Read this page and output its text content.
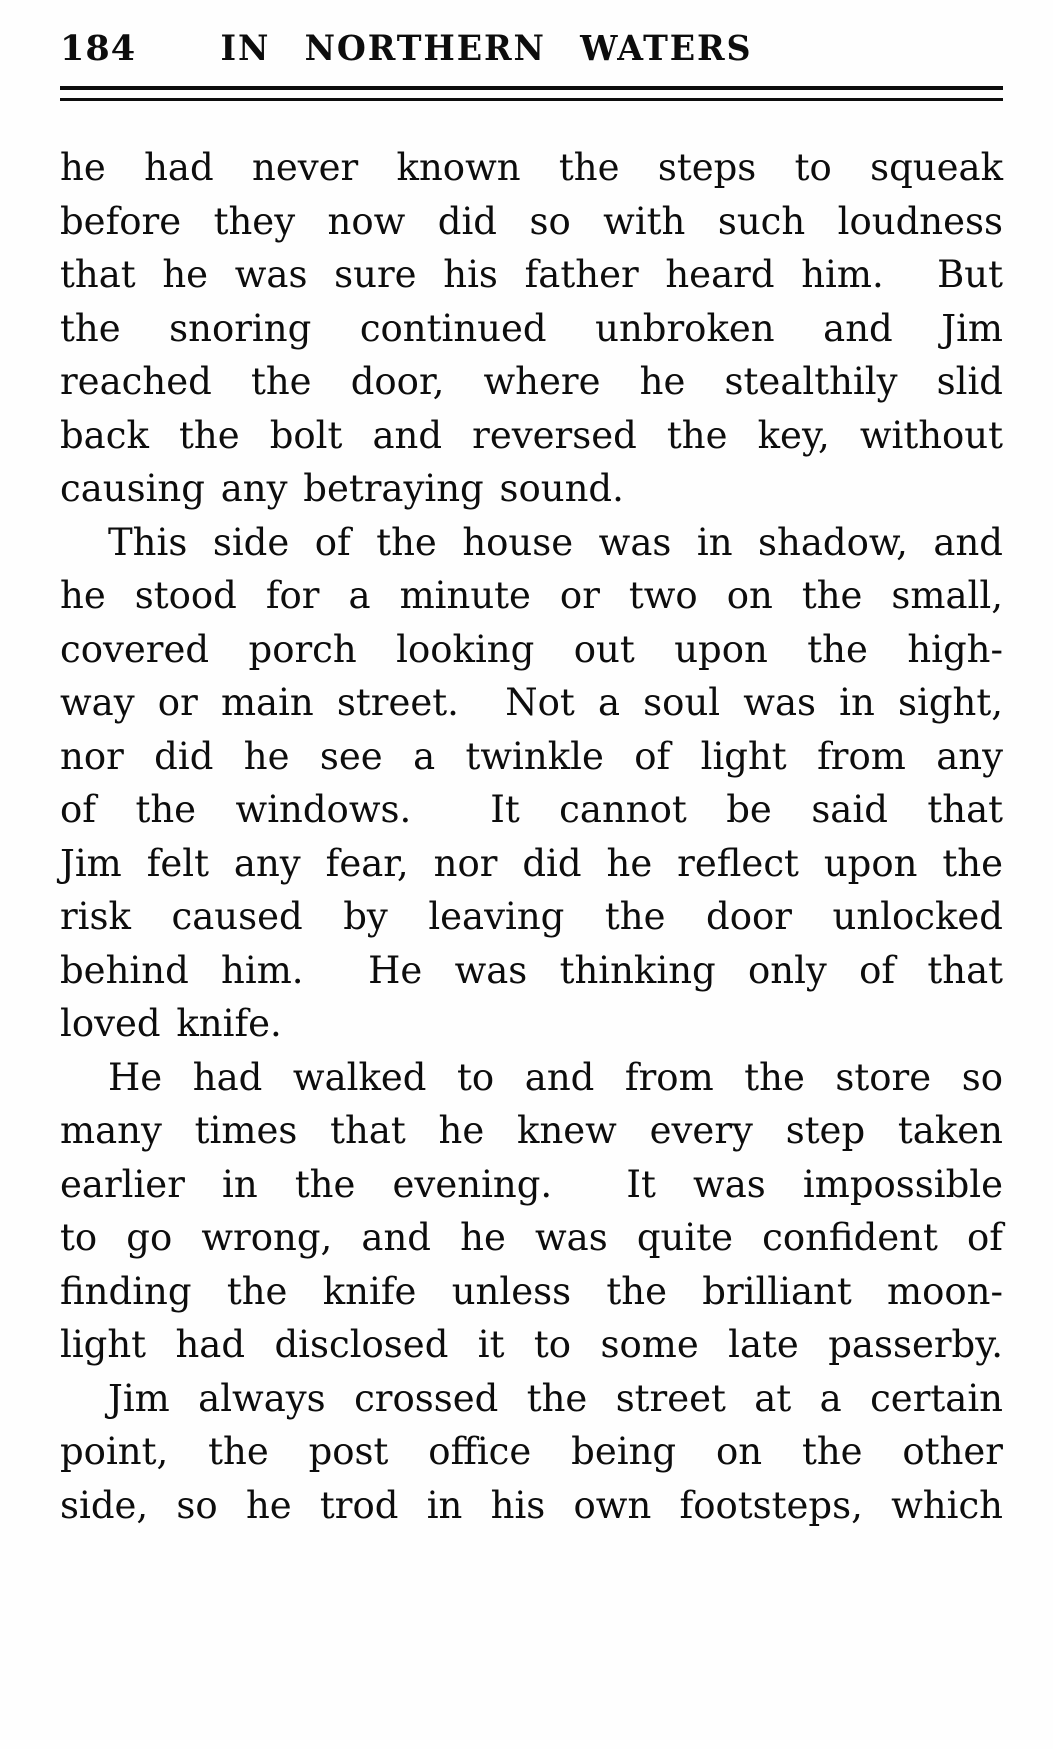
184	IN NORTHERN WATERS
he had never known the steps to squeak
before they now did so with such loudness
that he was sure his father heard him.  But
the snoring continued unbroken and Jim
reached the door, where he stealthily slid
back the bolt and reversed the key, without
causing any betraying sound.
This side of the house was in shadow, and
he stood for a minute or two on the small,
covered porch looking out upon the high-
way or main street.  Not a soul was in sight,
nor did he see a twinkle of light from any
of the windows.  It cannot be said that
Jim felt any fear, nor did he reflect upon the
risk caused by leaving the door unlocked
behind him.  He was thinking only of that
loved knife.
He had walked to and from the store so
many times that he knew every step taken
earlier in the evening.  It was impossible
to go wrong, and he was quite confident of
finding the knife unless the brilliant moon-
light had disclosed it to some late passerby.
Jim always crossed the street at a certain
point, the post office being on the other
side, so he trod in his own footsteps, which
